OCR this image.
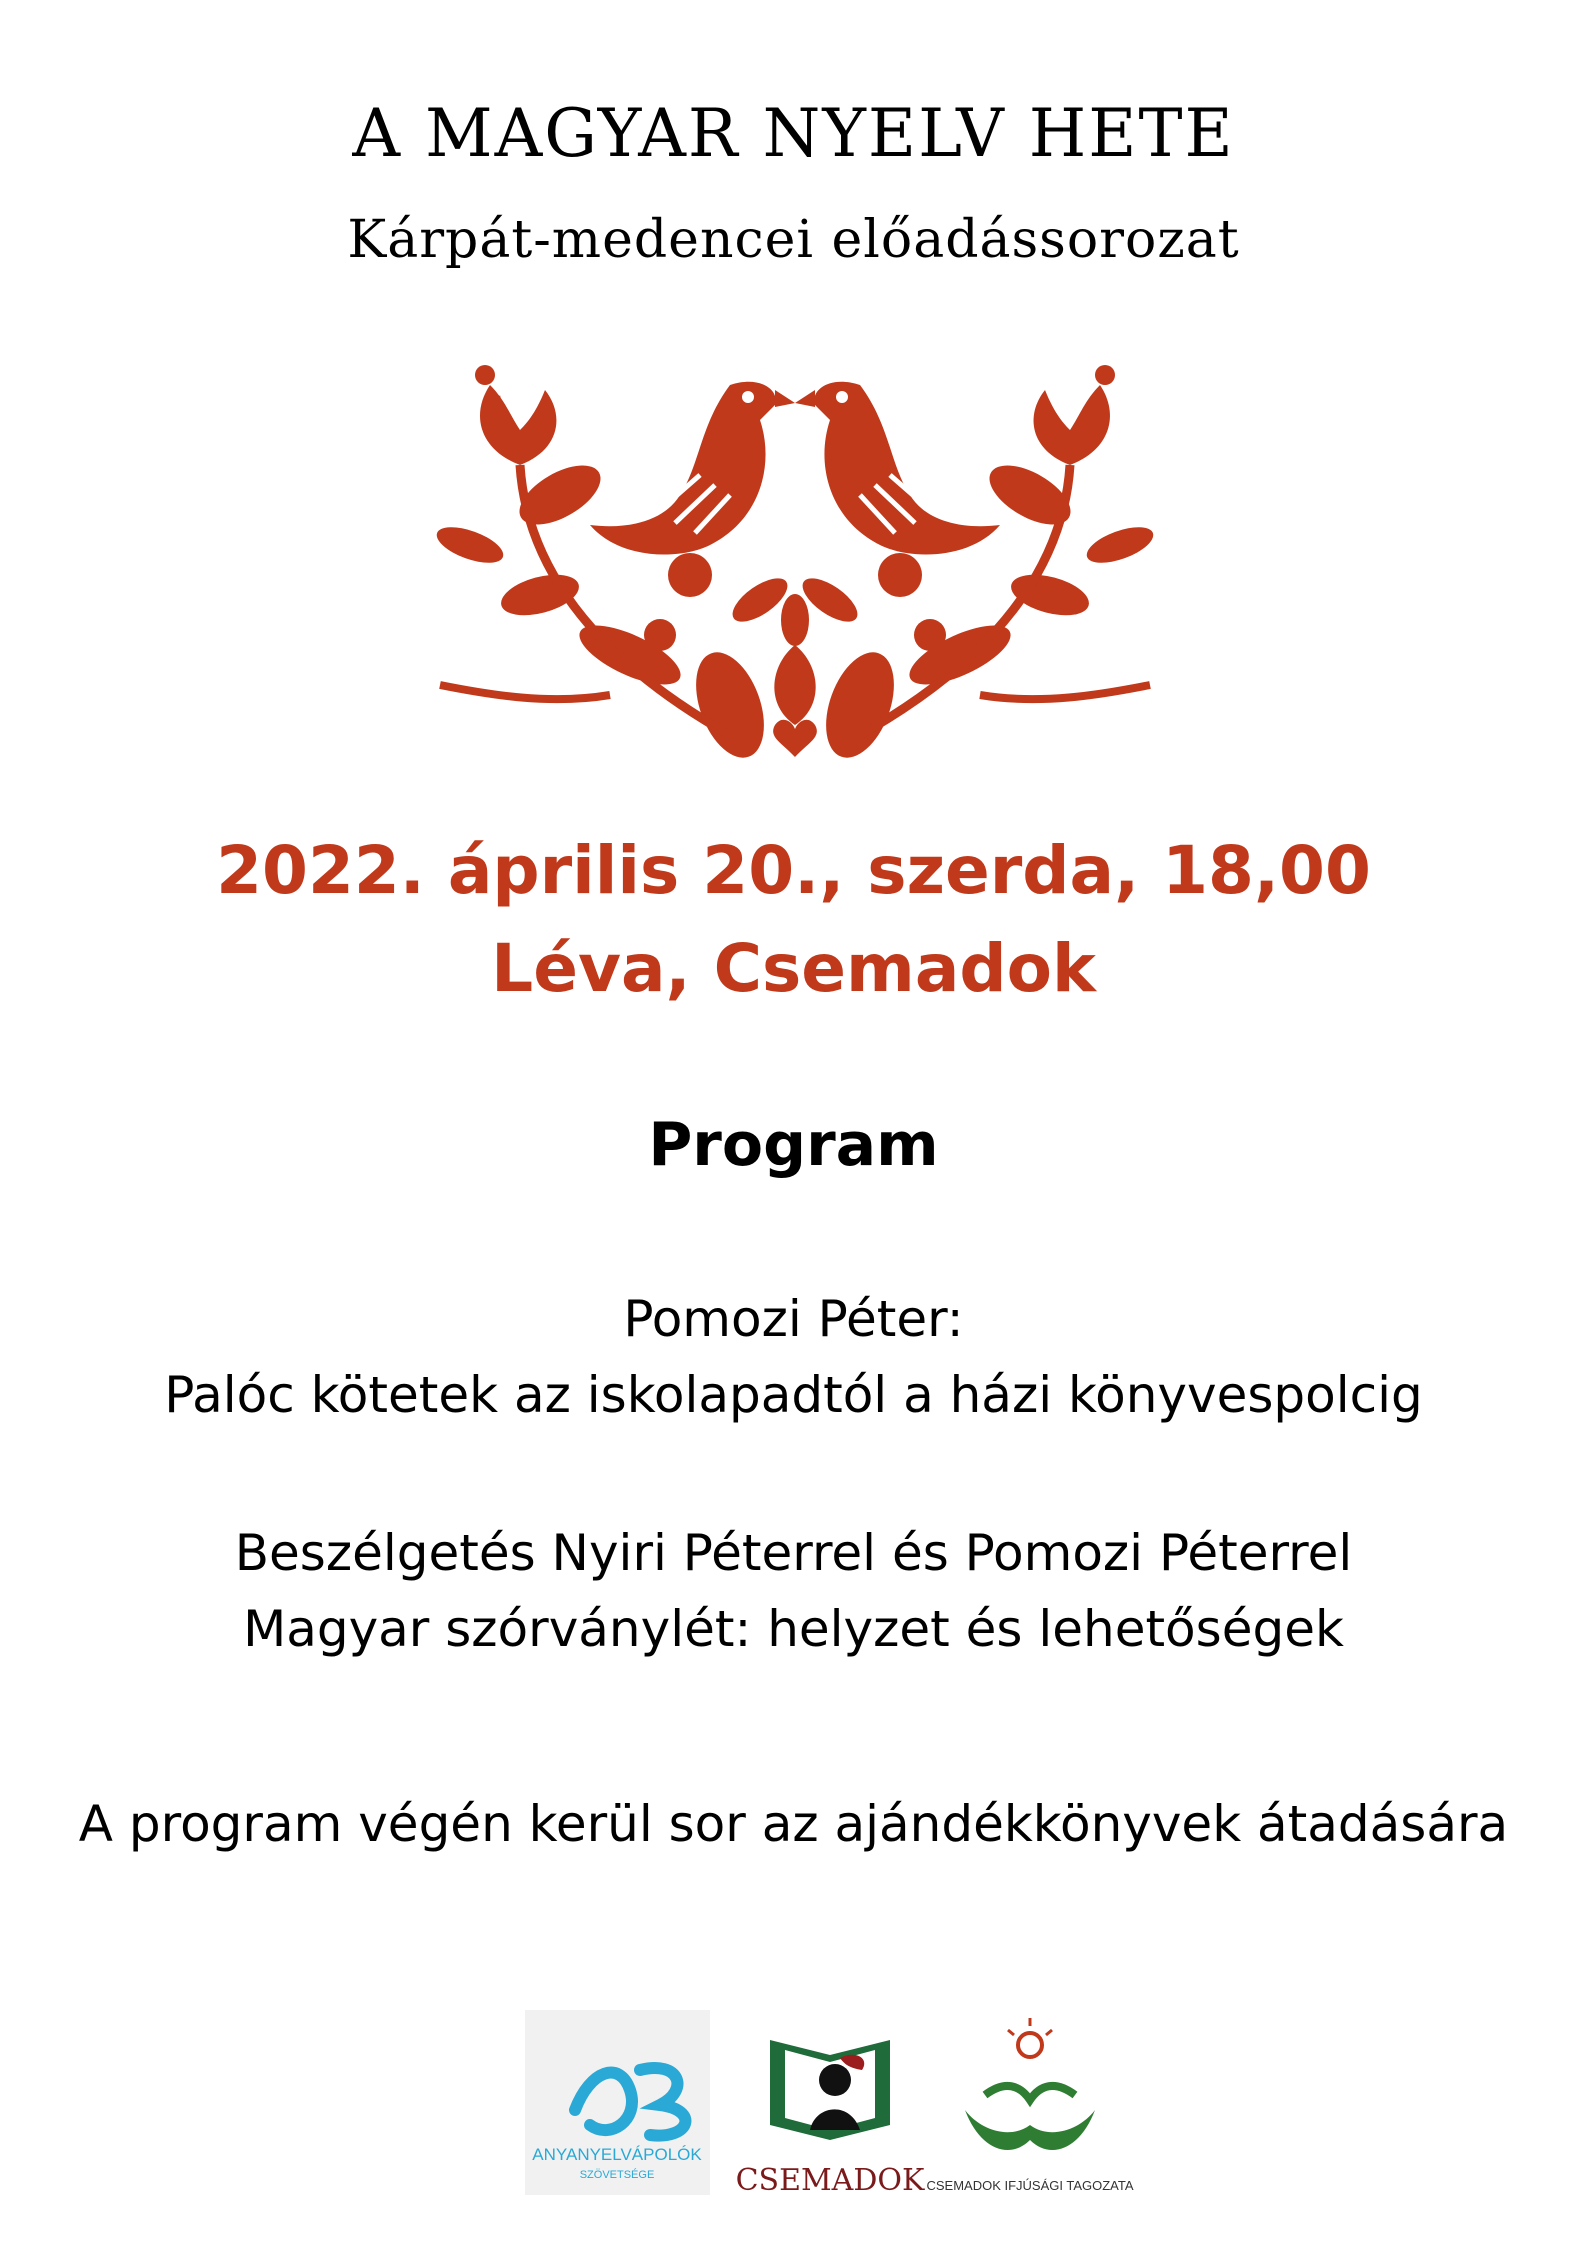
A MAGYAR NYELV HETE
Kárpát-medencei előadássorozat
2022. április 20., szerda, 18,00
Léva, Csemadok
Program
Pomozi Péter:
Palóc kötetek az iskolapadtól a házi könyvespolcig
Beszélgetés Nyiri Péterrel és Pomozi Péterrel
Magyar szórványlét: helyzet és lehetőségek
A program végén kerül sor az ajándékkönyvek átadására
ANYANYELVÁPOLÓK
SZÖVETSÉGE	CSEMADOK CSEMADOK IFJÚSÁGI TAGOZATA
